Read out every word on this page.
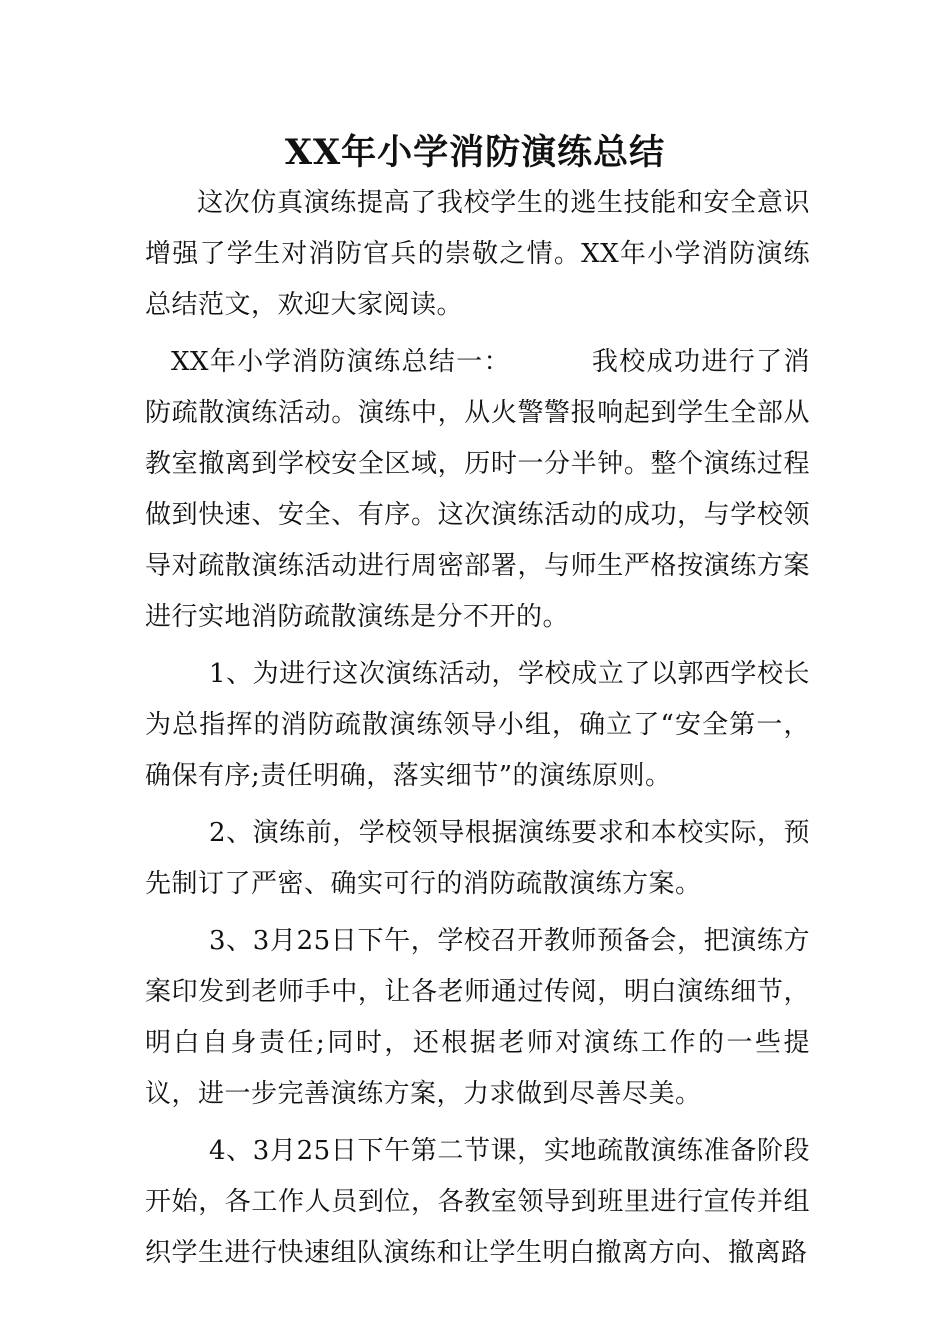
XX年小学消防演练总结

这次仿真演练提高了我校学生的逃生技能和安全意识增强了学生对消防官兵的崇敬之情。XX年小学消防演练总结范文，欢迎大家阅读。

XX年小学消防演练总结一：	我校成功进行了消防疏散演练活动。演练中，从火警警报响起到学生全部从教室撤离到学校安全区域，历时一分半钟。整个演练过程做到快速、安全、有序。这次演练活动的成功，与学校领导对疏散演练活动进行周密部署，与师生严格按演练方案进行实地消防疏散演练是分不开的。

1、为进行这次演练活动，学校成立了以郭西学校长为总指挥的消防疏散演练领导小组，确立了“安全第一，确保有序;责任明确，落实细节”的演练原则。

2、演练前，学校领导根据演练要求和本校实际，预先制订了严密、确实可行的消防疏散演练方案。

3、3月25日下午，学校召开教师预备会，把演练方案印发到老师手中，让各老师通过传阅，明白演练细节，明白自身责任;同时，还根据老师对演练工作的一些提议，进一步完善演练方案，力求做到尽善尽美。

4、3月25日下午第二节课，实地疏散演练准备阶段开始，各工作人员到位，各教室领导到班里进行宣传并组织学生进行快速组队演练和让学生明白撤离方向、撤离路
